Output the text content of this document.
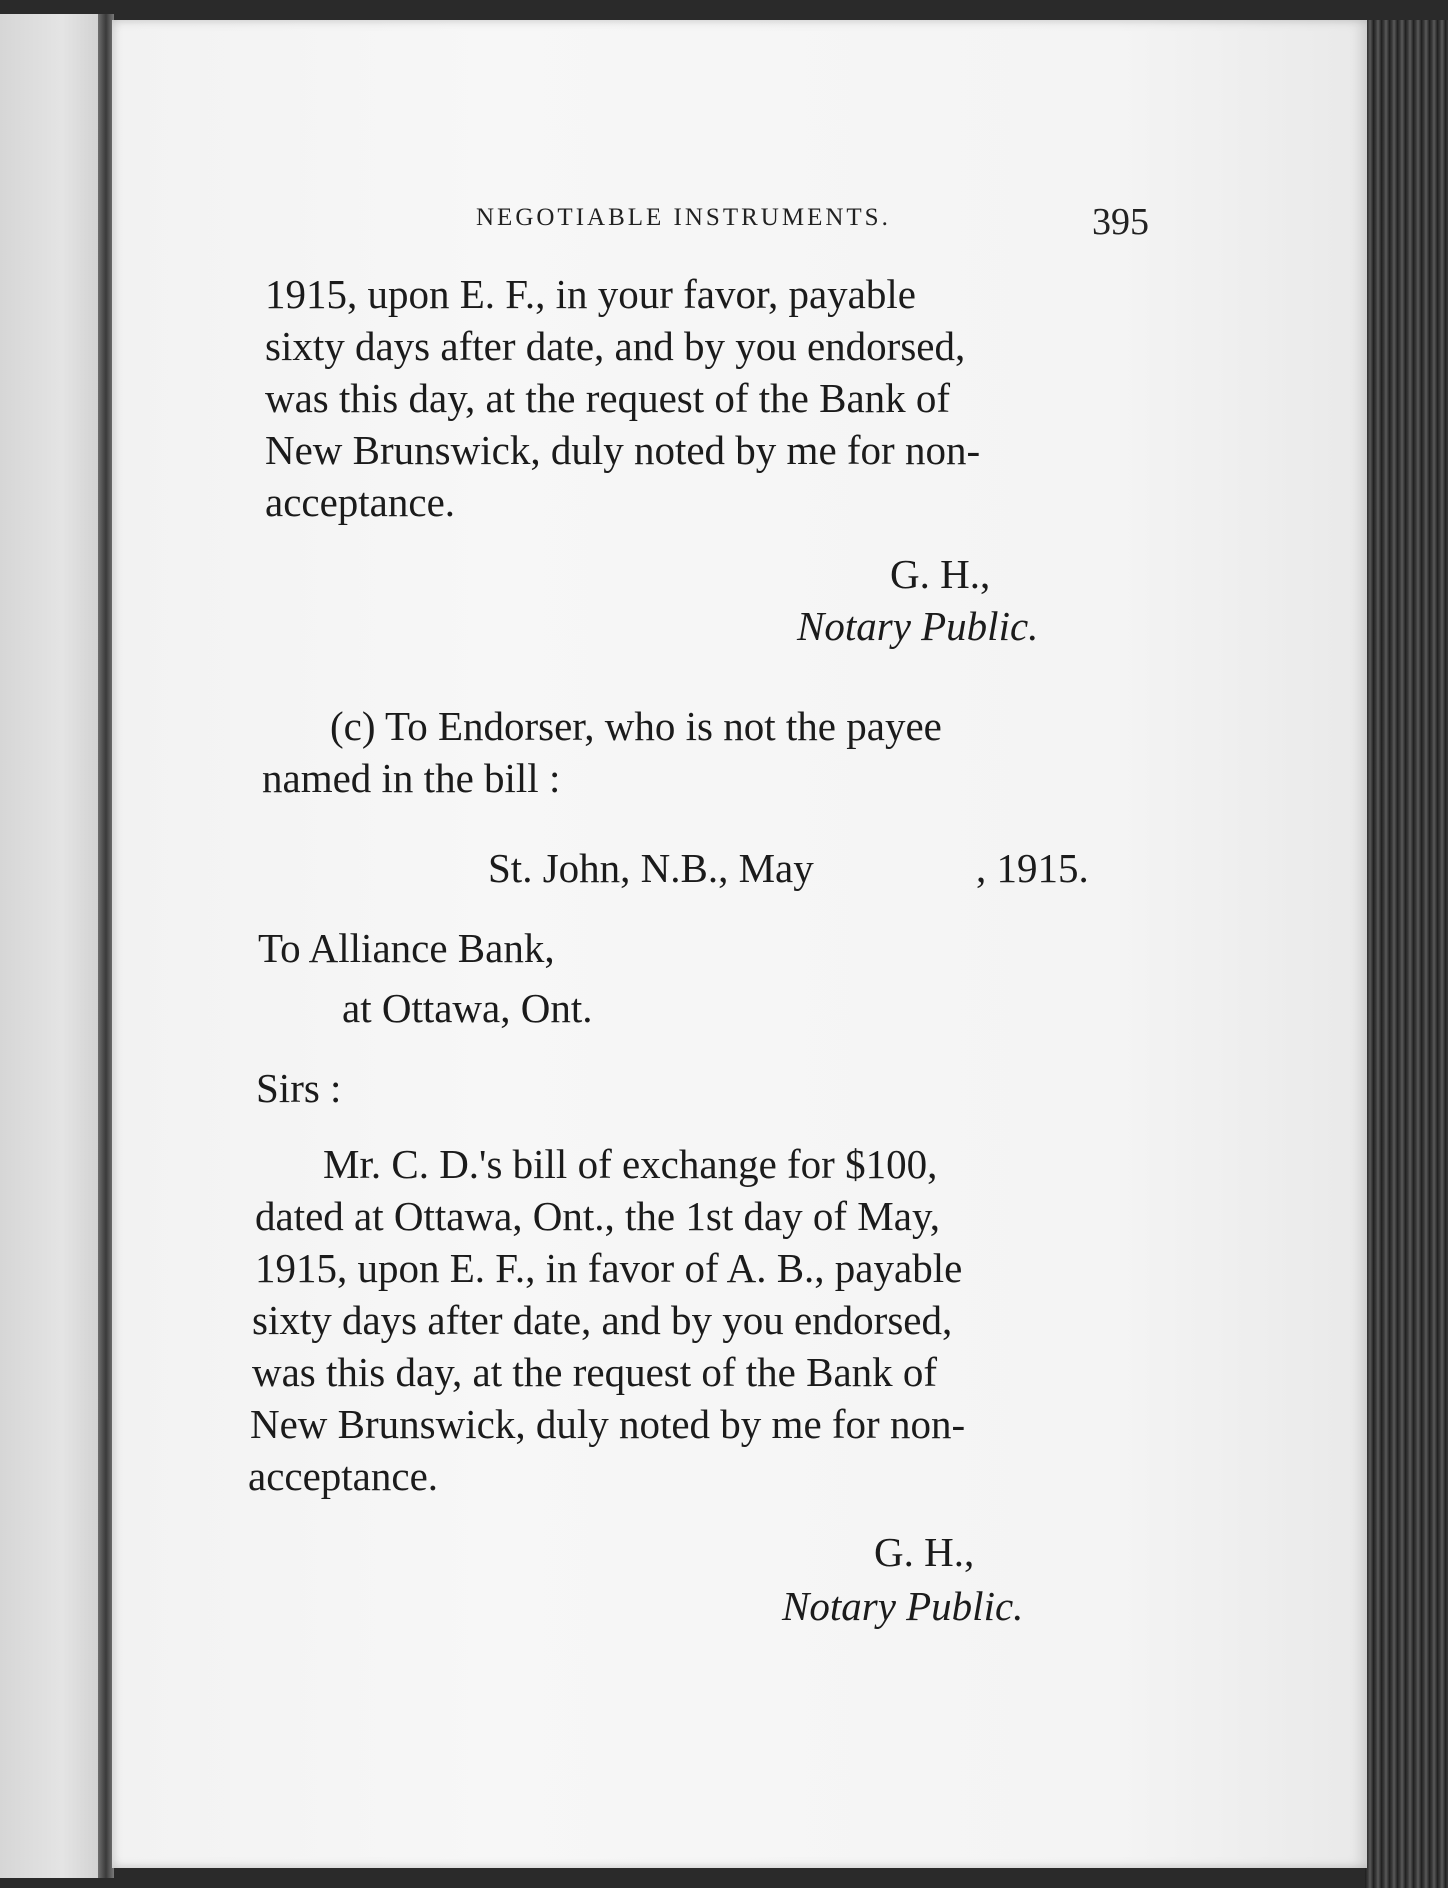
NEGOTIABLE INSTRUMENTS.	395
1915, upon E. F., in your favor, payable
sixty days after date, and by you endorsed,
was this day, at the request of the Bank of
New Brunswick, duly noted by me for non-
acceptance.
G. H.,
Notary Public.
(c) To Endorser, who is not the payee
named in the bill :
St. John, N.B., May	, 1915.
To Alliance Bank,
at Ottawa, Ont.
Sirs :
Mr. C. D.'s bill of exchange for $100,
dated at Ottawa, Ont., the 1st day of May,
1915, upon E. F., in favor of A. B., payable
sixty days after date, and by you endorsed,
was this day, at the request of the Bank of
New Brunswick, duly noted by me for non-
acceptance.
G. H.,
Notary Public.
